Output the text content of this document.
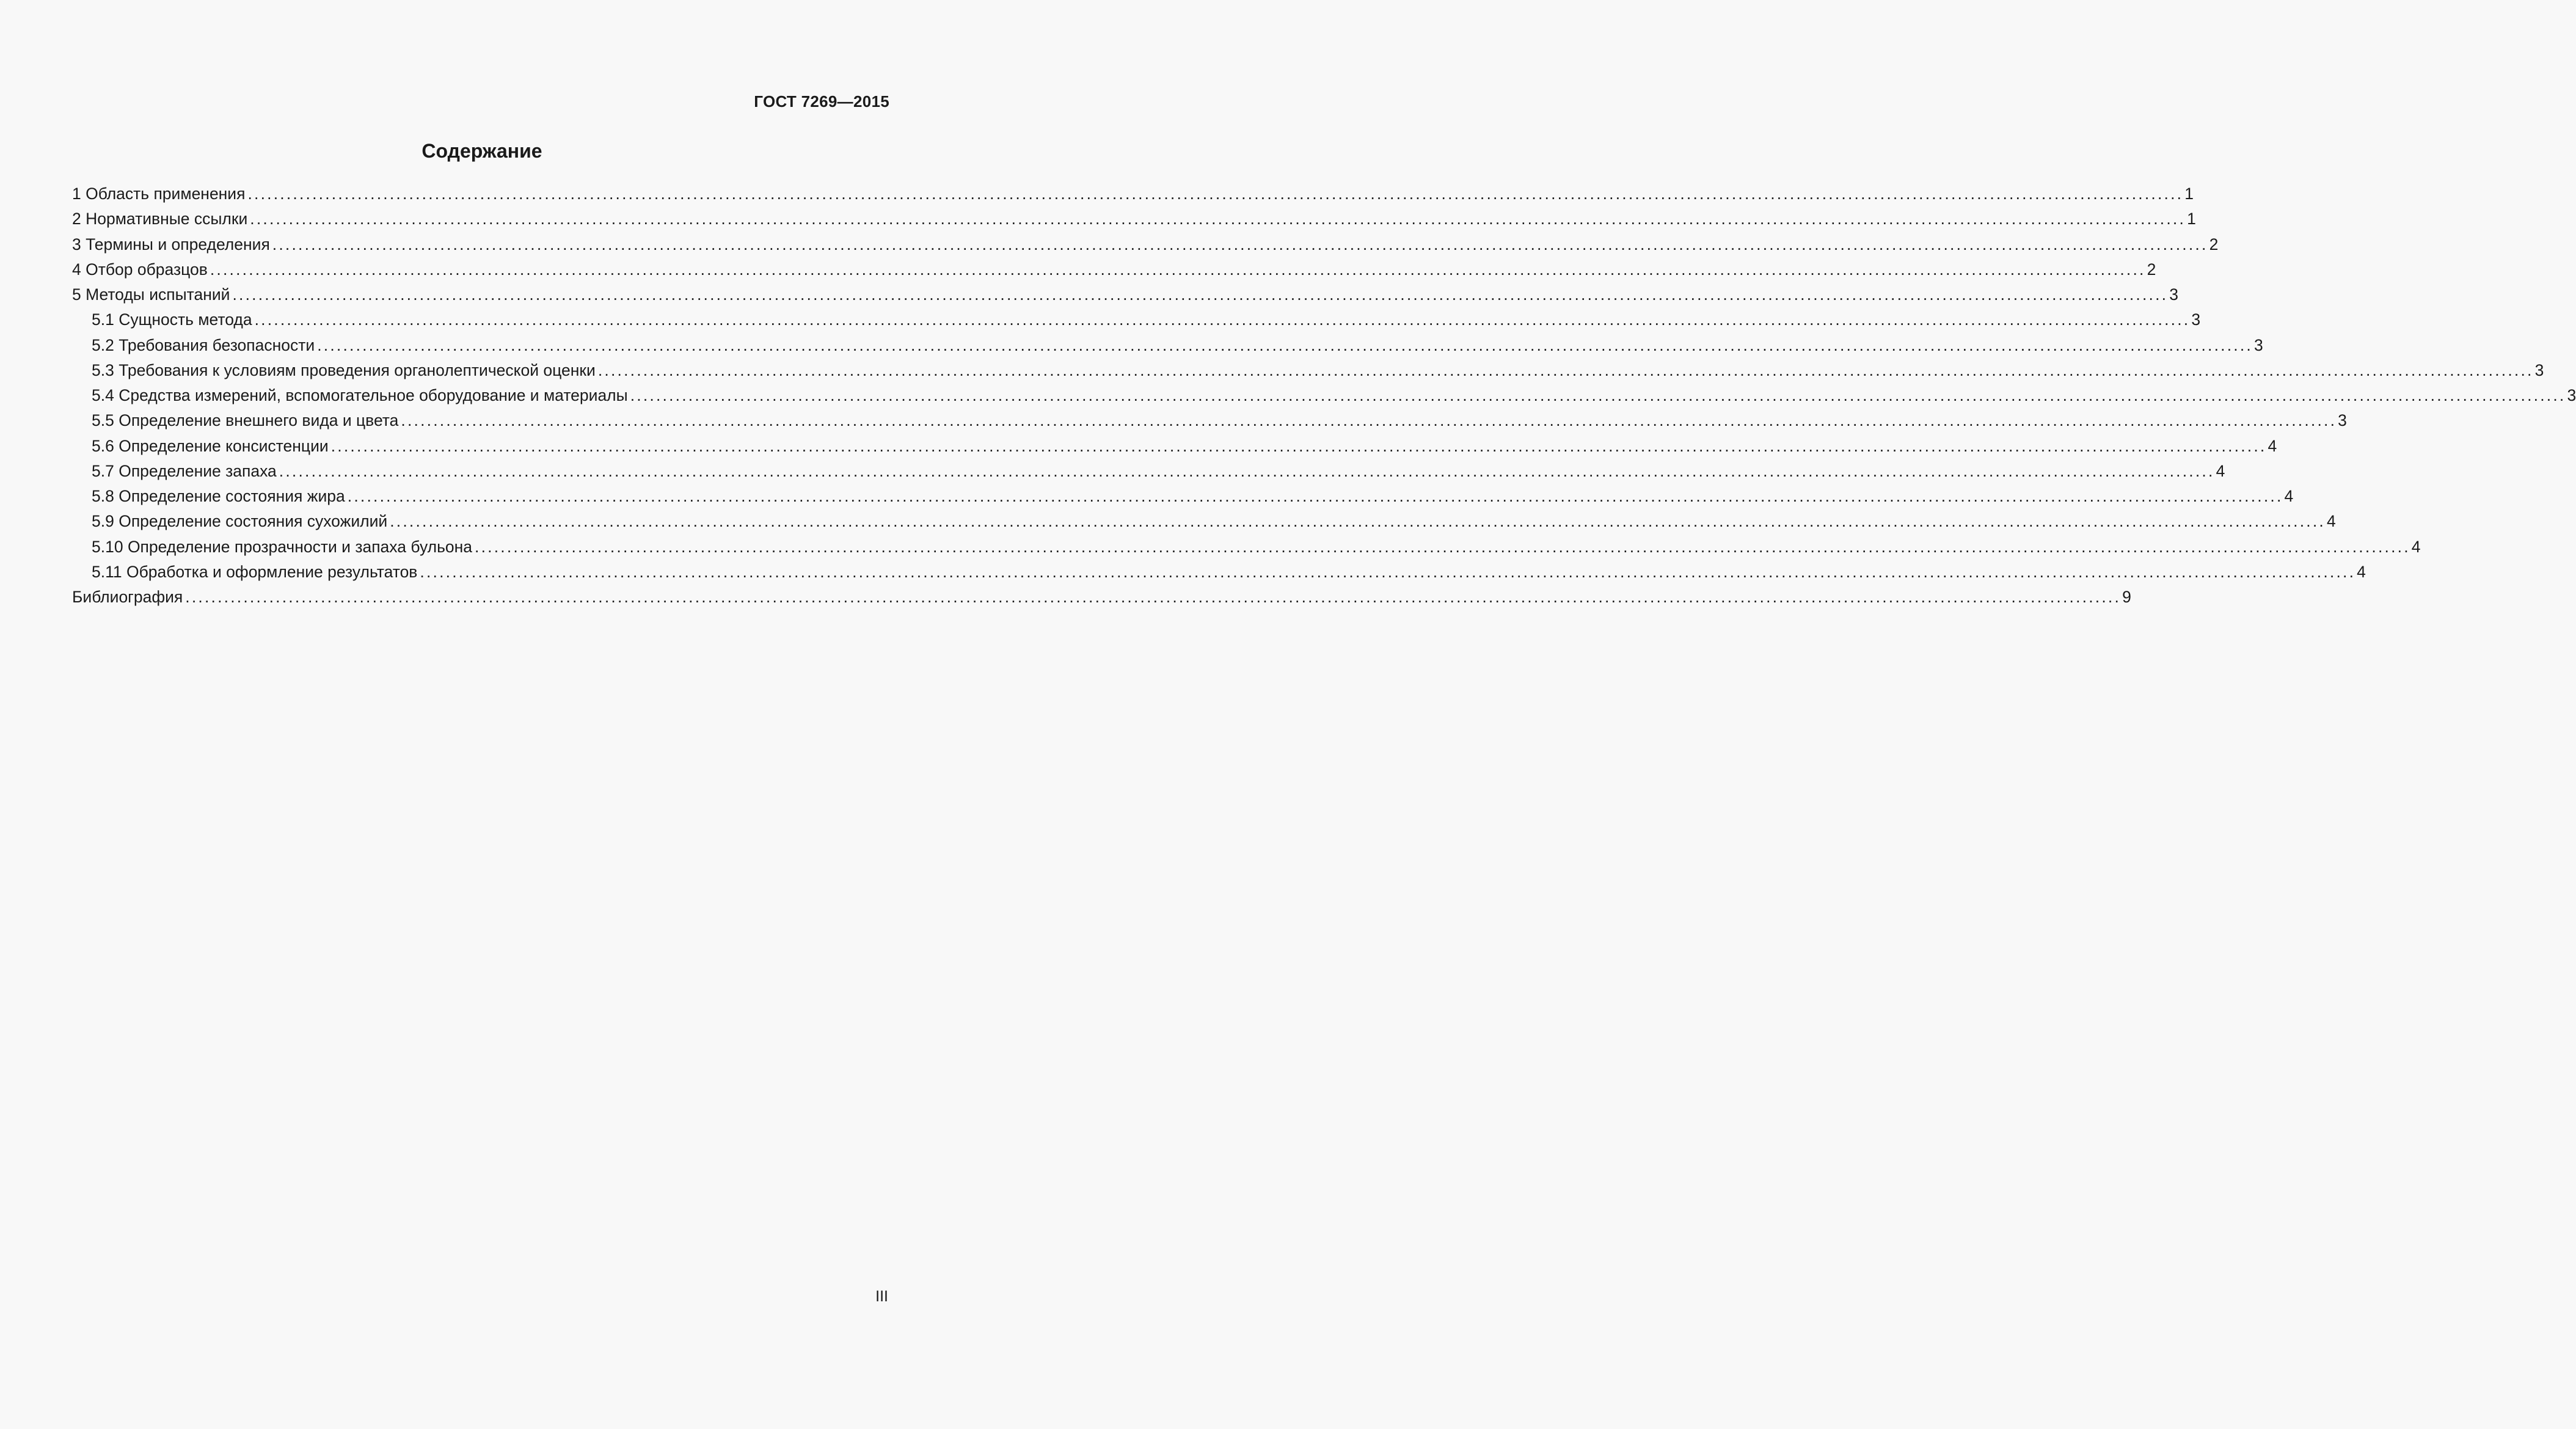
ГОСТ 7269—2015
Содержание
1 Область применения ............................................................................................................................................................................................................................................................................................................ 1
2 Нормативные ссылки ............................................................................................................................................................................................................................................................................................................ 1
3 Термины и определения ............................................................................................................................................................................................................................................................................................................ 2
4 Отбор образцов ............................................................................................................................................................................................................................................................................................................ 2
5 Методы испытаний ............................................................................................................................................................................................................................................................................................................ 3
5.1 Сущность метода ............................................................................................................................................................................................................................................................................................................ 3
5.2 Требования безопасности ............................................................................................................................................................................................................................................................................................................ 3
5.3 Требования к условиям проведения органолептической оценки ............................................................................................................................................................................................................................................................................................................ 3
5.4 Средства измерений, вспомогательное оборудование и материалы ............................................................................................................................................................................................................................................................................................................ 3
5.5 Определение внешнего вида и цвета ............................................................................................................................................................................................................................................................................................................ 3
5.6 Определение консистенции ............................................................................................................................................................................................................................................................................................................ 4
5.7 Определение запаха ............................................................................................................................................................................................................................................................................................................ 4
5.8 Определение состояния жира ............................................................................................................................................................................................................................................................................................................ 4
5.9 Определение состояния сухожилий ............................................................................................................................................................................................................................................................................................................ 4
5.10 Определение прозрачности и запаха бульона ............................................................................................................................................................................................................................................................................................................ 4
5.11 Обработка и оформление результатов ............................................................................................................................................................................................................................................................................................................ 4
Библиография ............................................................................................................................................................................................................................................................................................................ 9
III
